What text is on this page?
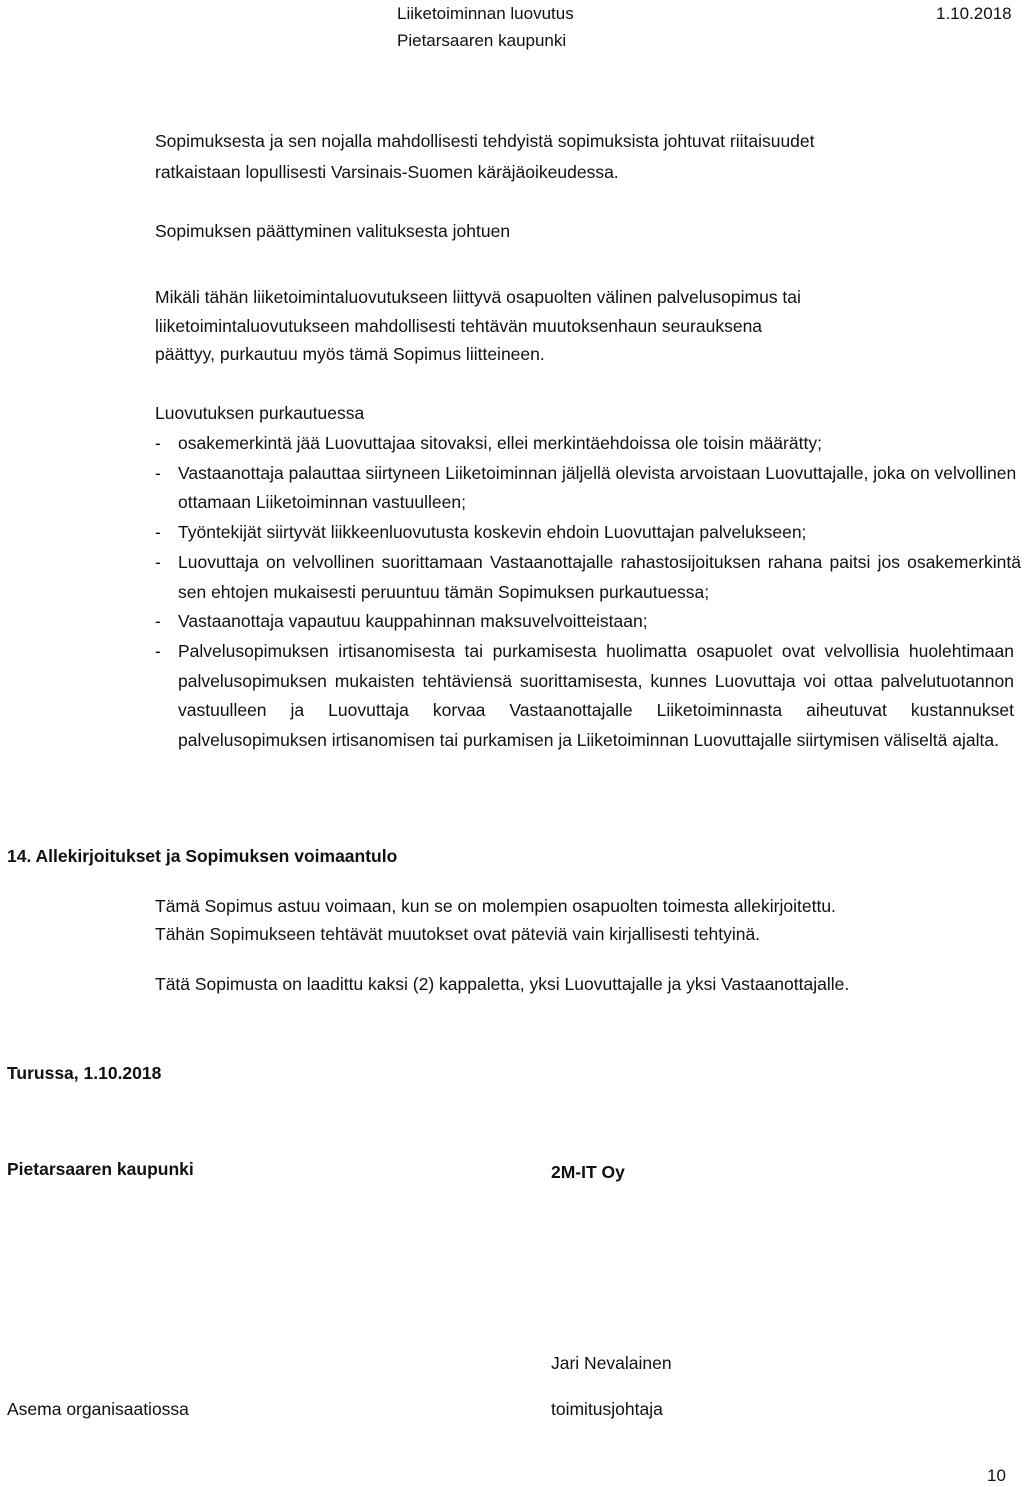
Liiketoiminnan luovutus
Pietarsaaren kaupunki
1.10.2018
Sopimuksesta ja sen nojalla mahdollisesti tehdyistä sopimuksista johtuvat riitaisuudet
ratkaistaan lopullisesti Varsinais-Suomen käräjäoikeudessa.
Sopimuksen päättyminen valituksesta johtuen
Mikäli tähän liiketoimintaluovutukseen liittyvä osapuolten välinen palvelusopimus tai
liiketoimintaluovutukseen mahdollisesti tehtävän muutoksenhaun seurauksena
päättyy, purkautuu myös tämä Sopimus liitteineen.
Luovutuksen purkautuessa
- osakemerkintä jää Luovuttajaa sitovaksi, ellei merkintäehdoissa ole toisin määrätty;
- Vastaanottaja palauttaa siirtyneen Liiketoiminnan jäljellä olevista arvoistaan Luovuttajalle, joka on velvollinen ottamaan Liiketoiminnan vastuulleen;
- Työntekijät siirtyvät liikkeenluovutusta koskevin ehdoin Luovuttajan palvelukseen;
- Luovuttaja on velvollinen suorittamaan Vastaanottajalle rahastosijoituksen rahana paitsi jos osakemerkintä sen ehtojen mukaisesti peruuntuu tämän Sopimuksen purkautuessa;
- Vastaanottaja vapautuu kauppahinnan maksuvelvoitteistaan;
- Palvelusopimuksen irtisanomisesta tai purkamisesta huolimatta osapuolet ovat velvollisia huolehtimaan palvelusopimuksen mukaisten tehtäviensä suorittamisesta, kunnes Luovuttaja voi ottaa palvelutuotannon vastuulleen ja Luovuttaja korvaa Vastaanottajalle Liiketoiminnasta aiheutuvat kustannukset palvelusopimuksen irtisanomisen tai purkamisen ja Liiketoiminnan Luovuttajalle siirtymisen väliseltä ajalta.
14. Allekirjoitukset ja Sopimuksen voimaantulo
Tämä Sopimus astuu voimaan, kun se on molempien osapuolten toimesta allekirjoitettu.
Tähän Sopimukseen tehtävät muutokset ovat päteviä vain kirjallisesti tehtyinä.
Tätä Sopimusta on laadittu kaksi (2) kappaletta, yksi Luovuttajalle ja yksi Vastaanottajalle.
Turussa, 1.10.2018
Pietarsaaren kaupunki	2M-IT Oy
Jari Nevalainen
Asema organisaatiossa	toimitusjohtaja
10
